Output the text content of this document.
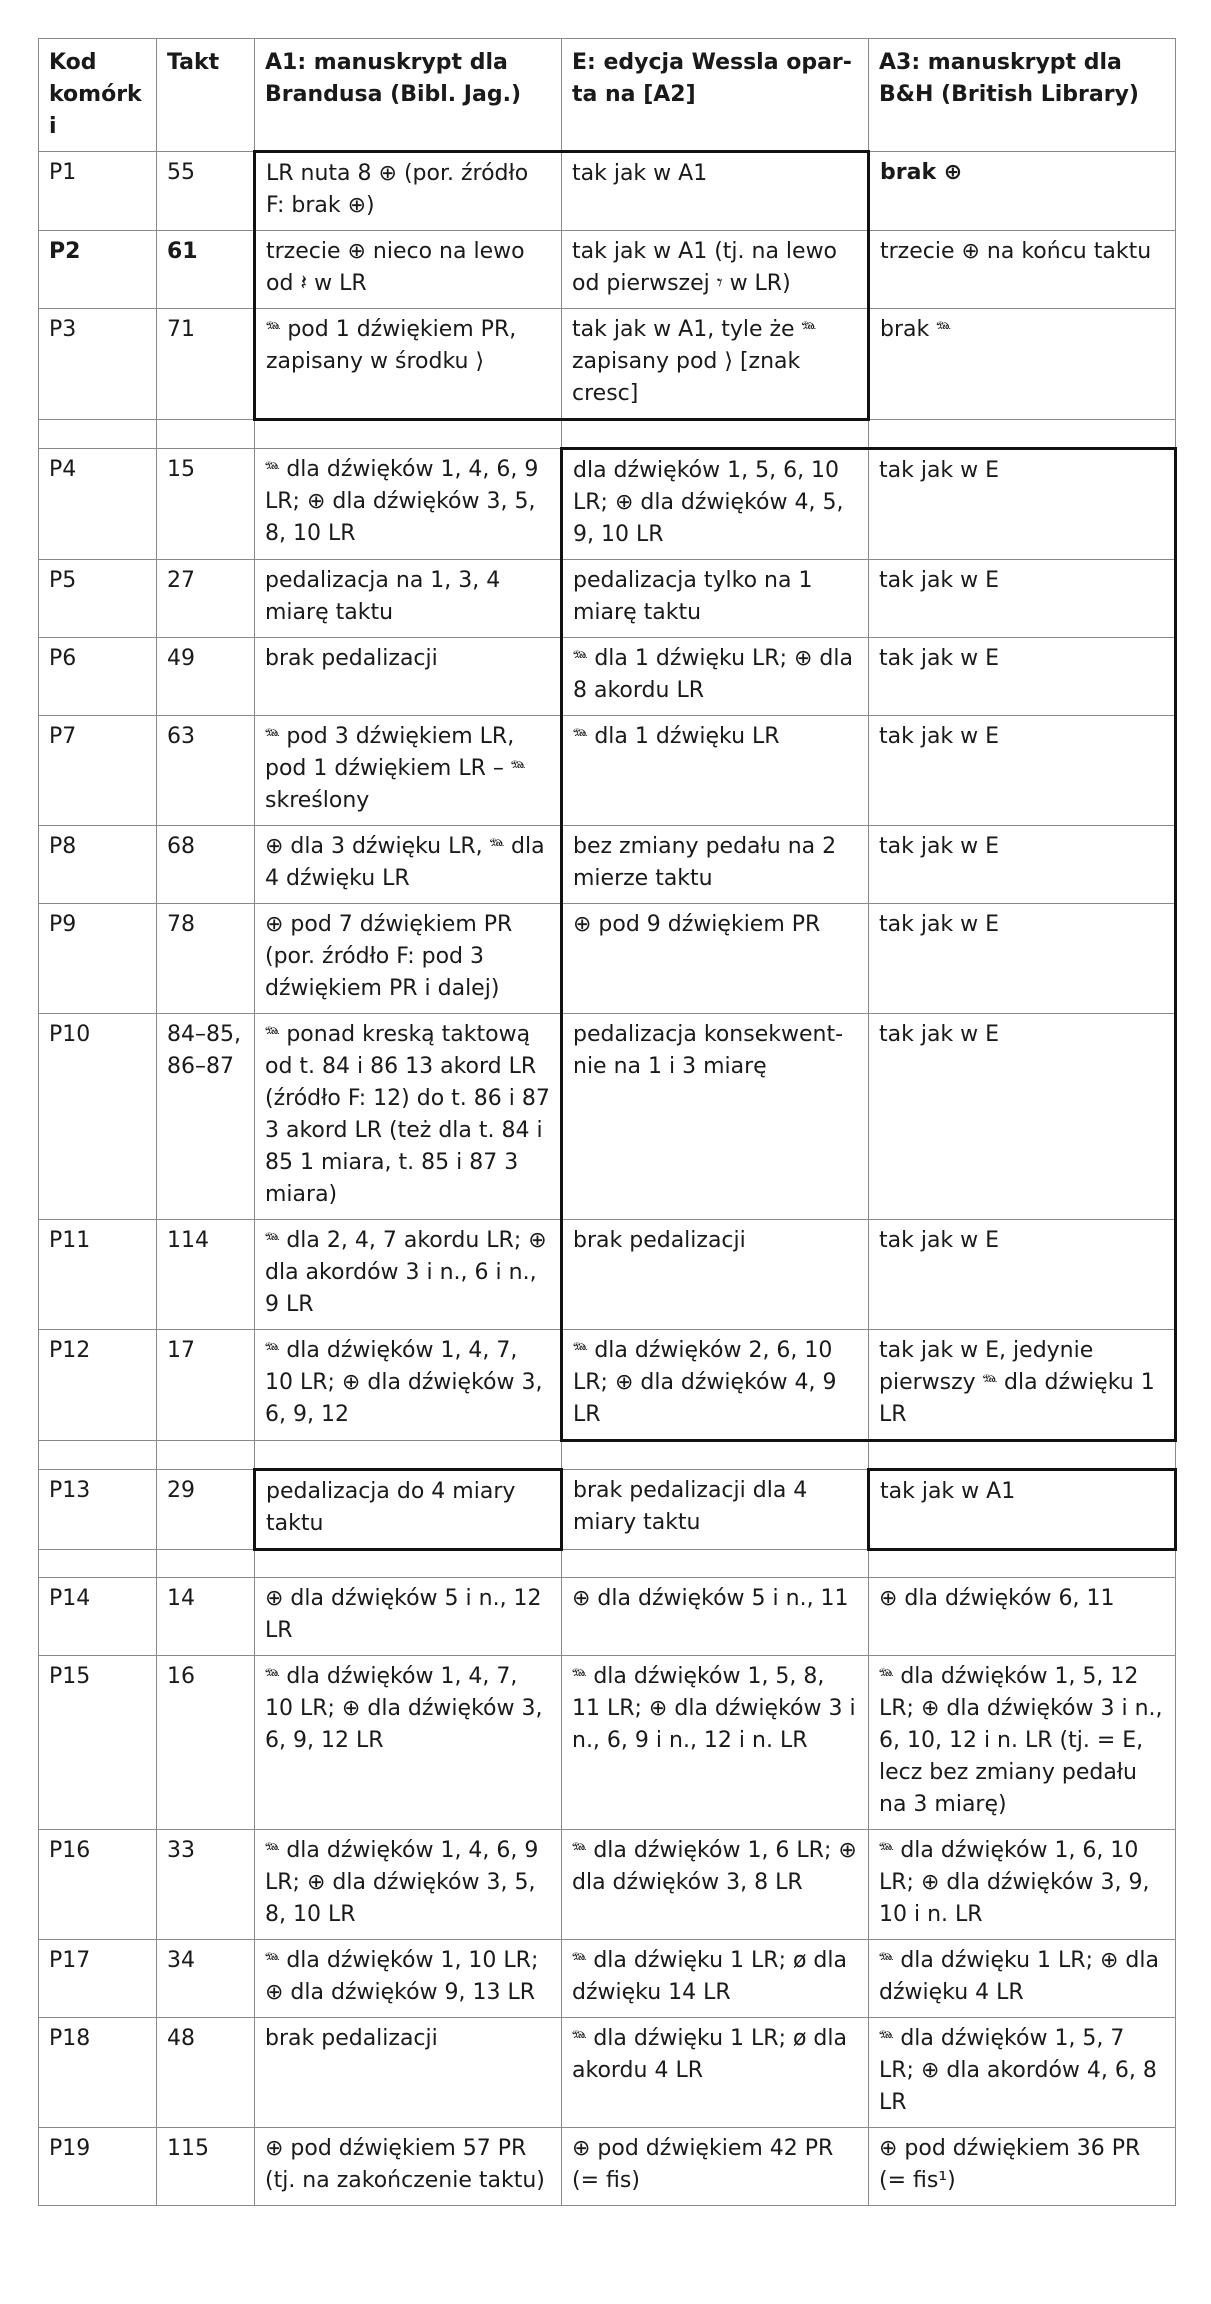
Kod komórki	Takt	A1: manuskrypt dla Brandusa (Bibl. Jag.)	E: edycja Wessla oparta na [A2]	A3: manuskrypt dla B&H (British Library)
P1	55	LR nuta 8 ⊕ (por. źródło F: brak ⊕)	tak jak w A1	brak ⊕
P2	61	trzecie ⊕ nieco na lewo od 𝄽 w LR	tak jak w A1 (tj. na lewo od pierwszej 𝄾 w LR)	trzecie ⊕ na końcu taktu
P3	71	𝆮 pod 1 dźwiękiem PR, zapisany w środku ⟩	tak jak w A1, tyle że 𝆮 zapisany pod ⟩ [znak cresc]	brak 𝆮

P4	15	𝆮 dla dźwięków 1, 4, 6, 9 LR; ⊕ dla dźwięków 3, 5, 8, 10 LR	dla dźwięków 1, 5, 6, 10 LR; ⊕ dla dźwięków 4, 5, 9, 10 LR	tak jak w E
P5	27	pedalizacja na 1, 3, 4 miarę taktu	pedalizacja tylko na 1 miarę taktu	tak jak w E
P6	49	brak pedalizacji	𝆮 dla 1 dźwięku LR; ⊕ dla 8 akordu LR	tak jak w E
P7	63	𝆮 pod 3 dźwiękiem LR, pod 1 dźwiękiem LR – 𝆮 skreślony	𝆮 dla 1 dźwięku LR	tak jak w E
P8	68	⊕ dla 3 dźwięku LR, 𝆮 dla 4 dźwięku LR	bez zmiany pedału na 2 mierze taktu	tak jak w E
P9	78	⊕ pod 7 dźwiękiem PR (por. źródło F: pod 3 dźwiękiem PR i dalej)	⊕ pod 9 dźwiękiem PR	tak jak w E
P10	84–85, 86–87	𝆮 ponad kreską taktową od t. 84 i 86 13 akord LR (źródło F: 12) do t. 86 i 87 3 akord LR (też dla t. 84 i 85 1 miara, t. 85 i 87 3 miara)	pedalizacja konsekwentnie na 1 i 3 miarę	tak jak w E
P11	114	𝆮 dla 2, 4, 7 akordu LR; ⊕ dla akordów 3 i n., 6 i n., 9 LR	brak pedalizacji	tak jak w E
P12	17	𝆮 dla dźwięków 1, 4, 7, 10 LR; ⊕ dla dźwięków 3, 6, 9, 12	𝆮 dla dźwięków 2, 6, 10 LR; ⊕ dla dźwięków 4, 9 LR	tak jak w E, jedynie pierwszy 𝆮 dla dźwięku 1 LR

P13	29	pedalizacja do 4 miary taktu	brak pedalizacji dla 4 miary taktu	tak jak w A1

P14	14	⊕ dla dźwięków 5 i n., 12 LR	⊕ dla dźwięków 5 i n., 11	⊕ dla dźwięków 6, 11
P15	16	𝆮 dla dźwięków 1, 4, 7, 10 LR; ⊕ dla dźwięków 3, 6, 9, 12 LR	𝆮 dla dźwięków 1, 5, 8, 11 LR; ⊕ dla dźwięków 3 i n., 6, 9 i n., 12 i n. LR	𝆮 dla dźwięków 1, 5, 12 LR; ⊕ dla dźwięków 3 i n., 6, 10, 12 i n. LR (tj. = E, lecz bez zmiany pedału na 3 miarę)
P16	33	𝆮 dla dźwięków 1, 4, 6, 9 LR; ⊕ dla dźwięków 3, 5, 8, 10 LR	𝆮 dla dźwięków 1, 6 LR; ⊕ dla dźwięków 3, 8 LR	𝆮 dla dźwięków 1, 6, 10 LR; ⊕ dla dźwięków 3, 9, 10 i n. LR
P17	34	𝆮 dla dźwięków 1, 10 LR; ⊕ dla dźwięków 9, 13 LR	𝆮 dla dźwięku 1 LR; ø dla dźwięku 14 LR	𝆮 dla dźwięku 1 LR; ⊕ dla dźwięku 4 LR
P18	48	brak pedalizacji	𝆮 dla dźwięku 1 LR; ø dla akordu 4 LR	𝆮 dla dźwięków 1, 5, 7 LR; ⊕ dla akordów 4, 6, 8 LR
P19	115	⊕ pod dźwiękiem 57 PR (tj. na zakończenie taktu)	⊕ pod dźwiękiem 42 PR (= fis)	⊕ pod dźwiękiem 36 PR (= fis¹)
